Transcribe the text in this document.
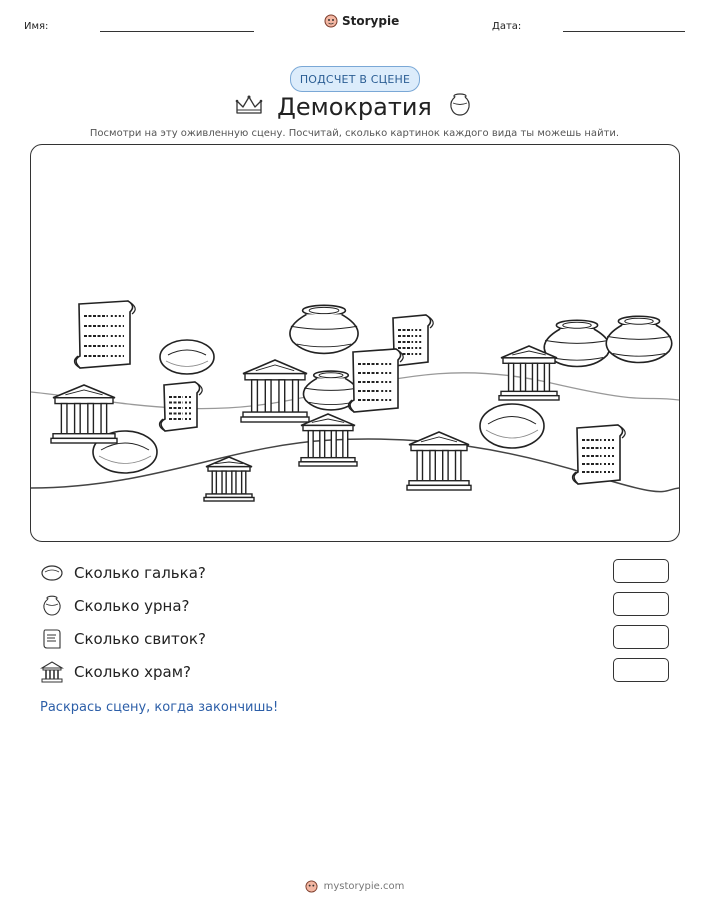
Имя:	Storypie	Дата:
ПОДСЧЕТ В СЦЕНЕ
Демократия
Посмотри на эту оживленную сцену. Посчитай, сколько картинок каждого вида ты можешь найти.
Сколько галька?
Сколько урна?
Сколько свиток?
Сколько храм?
Раскрась сцену, когда закончишь!
mystorypie.com
